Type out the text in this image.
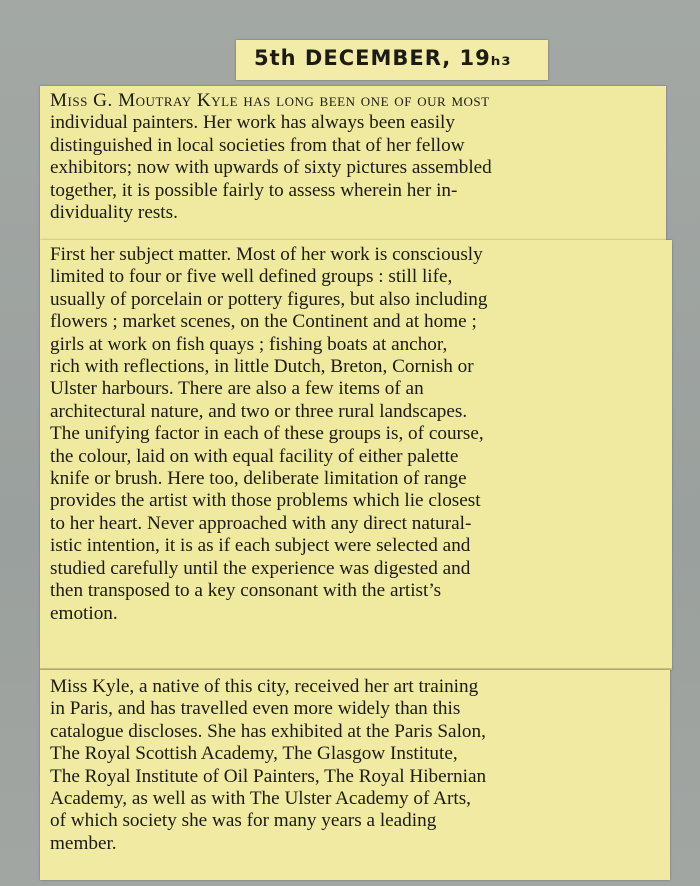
5th DECEMBER, 19ₕ₃

Miss G. Moutray Kyle has long been one of our most
individual painters. Her work has always been easily
distinguished in local societies from that of her fellow
exhibitors; now with upwards of sixty pictures assembled
together, it is possible fairly to assess wherein her in-
dividuality rests.

First her subject matter. Most of her work is consciously
limited to four or five well defined groups : still life,
usually of porcelain or pottery figures, but also including
flowers ; market scenes, on the Continent and at home ;
girls at work on fish quays ; fishing boats at anchor,
rich with reflections, in little Dutch, Breton, Cornish or
Ulster harbours. There are also a few items of an
architectural nature, and two or three rural landscapes.
The unifying factor in each of these groups is, of course,
the colour, laid on with equal facility of either palette
knife or brush. Here too, deliberate limitation of range
provides the artist with those problems which lie closest
to her heart. Never approached with any direct natural-
istic intention, it is as if each subject were selected and
studied carefully until the experience was digested and
then transposed to a key consonant with the artist’s
emotion.

Miss Kyle, a native of this city, received her art training
in Paris, and has travelled even more widely than this
catalogue discloses. She has exhibited at the Paris Salon,
The Royal Scottish Academy, The Glasgow Institute,
The Royal Institute of Oil Painters, The Royal Hibernian
Academy, as well as with The Ulster Academy of Arts,
of which society she was for many years a leading
member.
